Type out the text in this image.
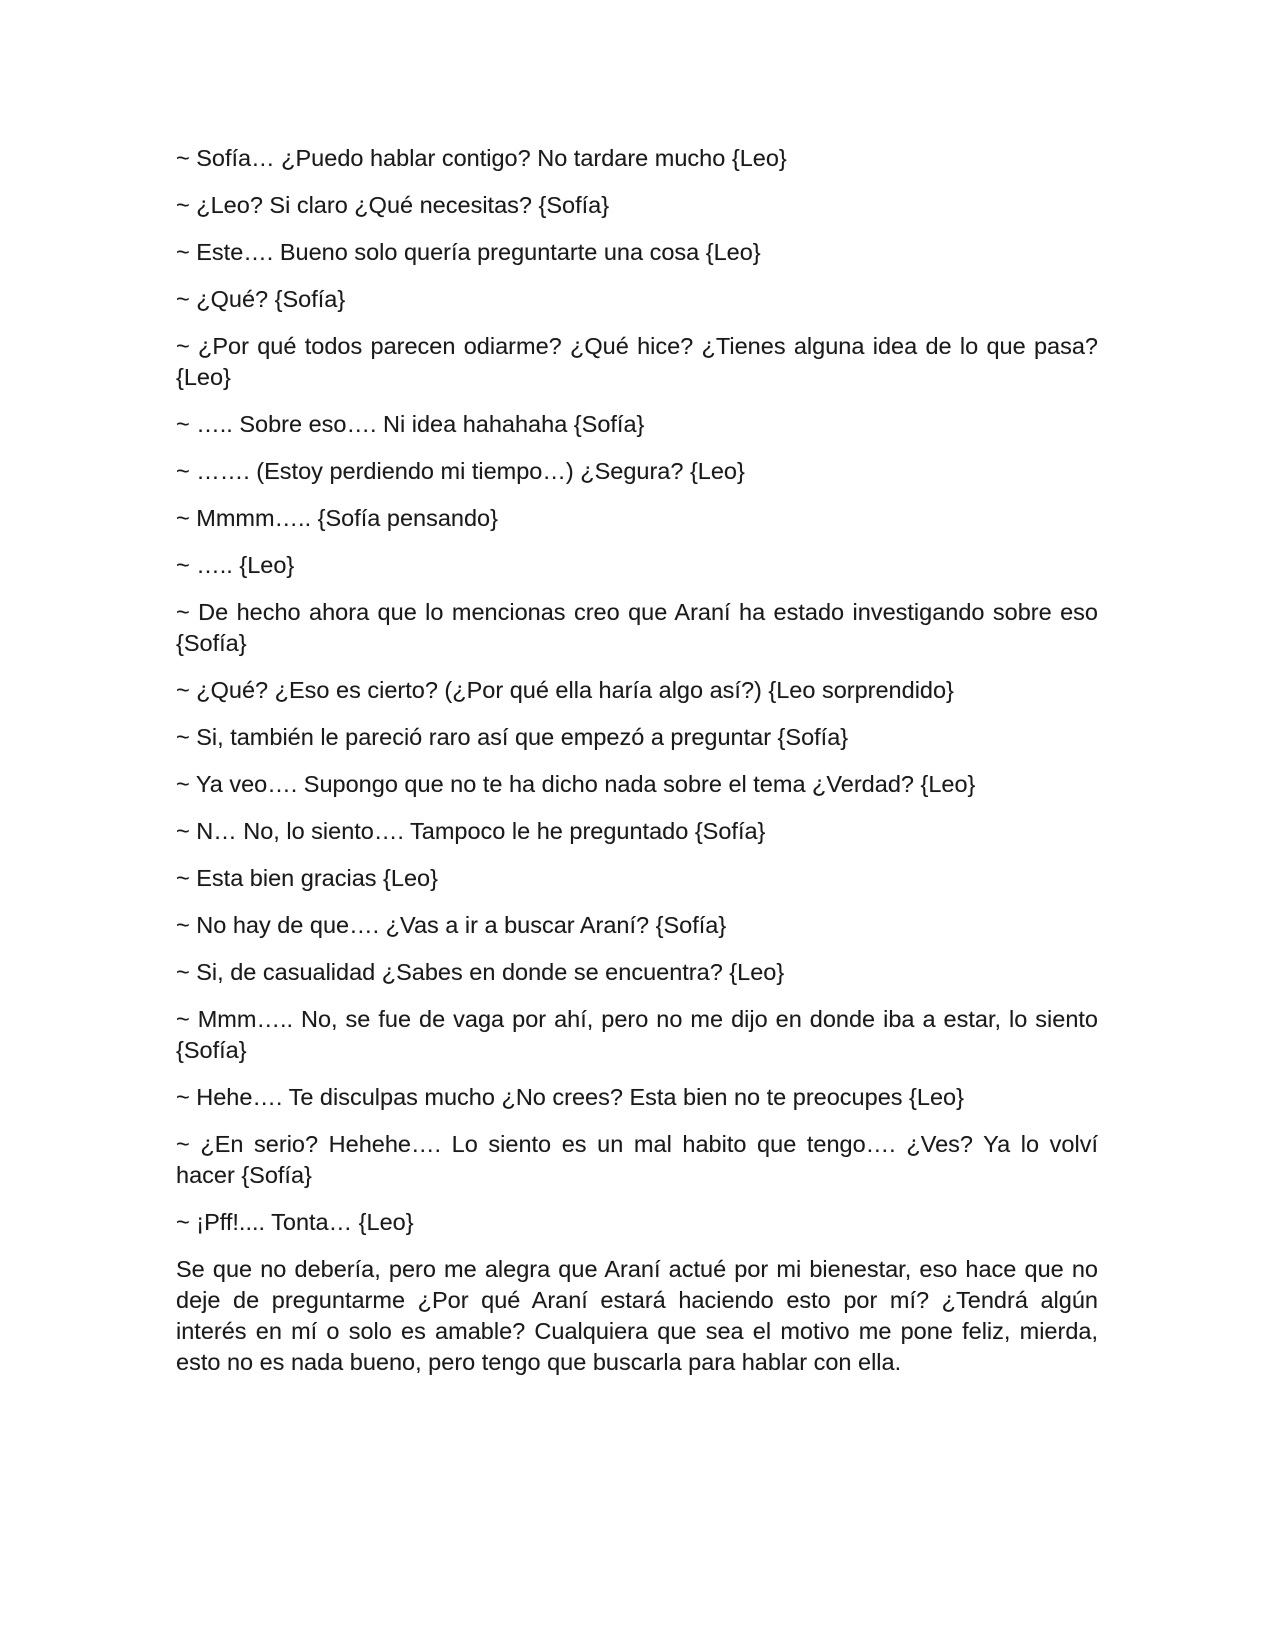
~ Sofía… ¿Puedo hablar contigo? No tardare mucho {Leo}

~ ¿Leo? Si claro ¿Qué necesitas? {Sofía}

~ Este…. Bueno solo quería preguntarte una cosa {Leo}

~ ¿Qué? {Sofía}

~ ¿Por qué todos parecen odiarme? ¿Qué hice? ¿Tienes alguna idea de lo que pasa? {Leo}

~ ….. Sobre eso…. Ni idea hahahaha {Sofía}

~ ……. (Estoy perdiendo mi tiempo…) ¿Segura? {Leo}

~ Mmmm….. {Sofía pensando}

~ ….. {Leo}

~ De hecho ahora que lo mencionas creo que Araní ha estado investigando sobre eso {Sofía}

~ ¿Qué? ¿Eso es cierto? (¿Por qué ella haría algo así?) {Leo sorprendido}

~ Si, también le pareció raro así que empezó a preguntar {Sofía}

~ Ya veo…. Supongo que no te ha dicho nada sobre el tema ¿Verdad? {Leo}

~ N… No, lo siento…. Tampoco le he preguntado {Sofía}

~ Esta bien gracias {Leo}

~ No hay de que…. ¿Vas a ir a buscar Araní? {Sofía}

~ Si, de casualidad ¿Sabes en donde se encuentra? {Leo}

~ Mmm….. No, se fue de vaga por ahí, pero no me dijo en donde iba a estar, lo siento {Sofía}

~ Hehe…. Te disculpas mucho ¿No crees? Esta bien no te preocupes {Leo}

~ ¿En serio? Hehehe…. Lo siento es un mal habito que tengo…. ¿Ves? Ya lo volví hacer {Sofía}

~ ¡Pff!.... Tonta… {Leo}

Se que no debería, pero me alegra que Araní actué por mi bienestar, eso hace que no deje de preguntarme ¿Por qué Araní estará haciendo esto por mí? ¿Tendrá algún interés en mí o solo es amable? Cualquiera que sea el motivo me pone feliz, mierda, esto no es nada bueno, pero tengo que buscarla para hablar con ella.
